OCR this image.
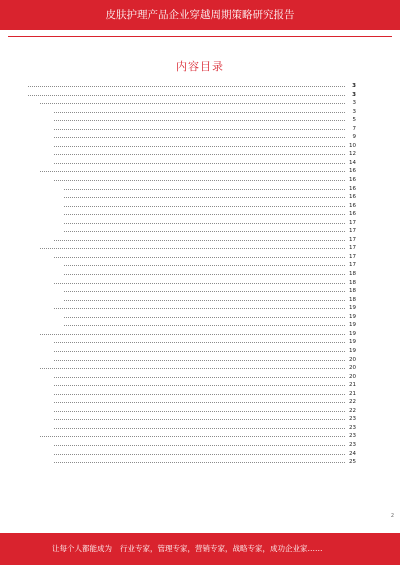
皮肤护理产品企业穿越周期策略研究报告
内容目录
3
3
3
3
5
7
9
10
12
14
16
16
16
16
16
16
17
17
17
17
17
17
18
18
18
18
19
19
19
19
19
19
20
20
20
21
21
22
22
23
23
23
23
24
25
2
让每个人都能成为 行业专家，管理专家，营销专家，战略专家，成功企业家……
